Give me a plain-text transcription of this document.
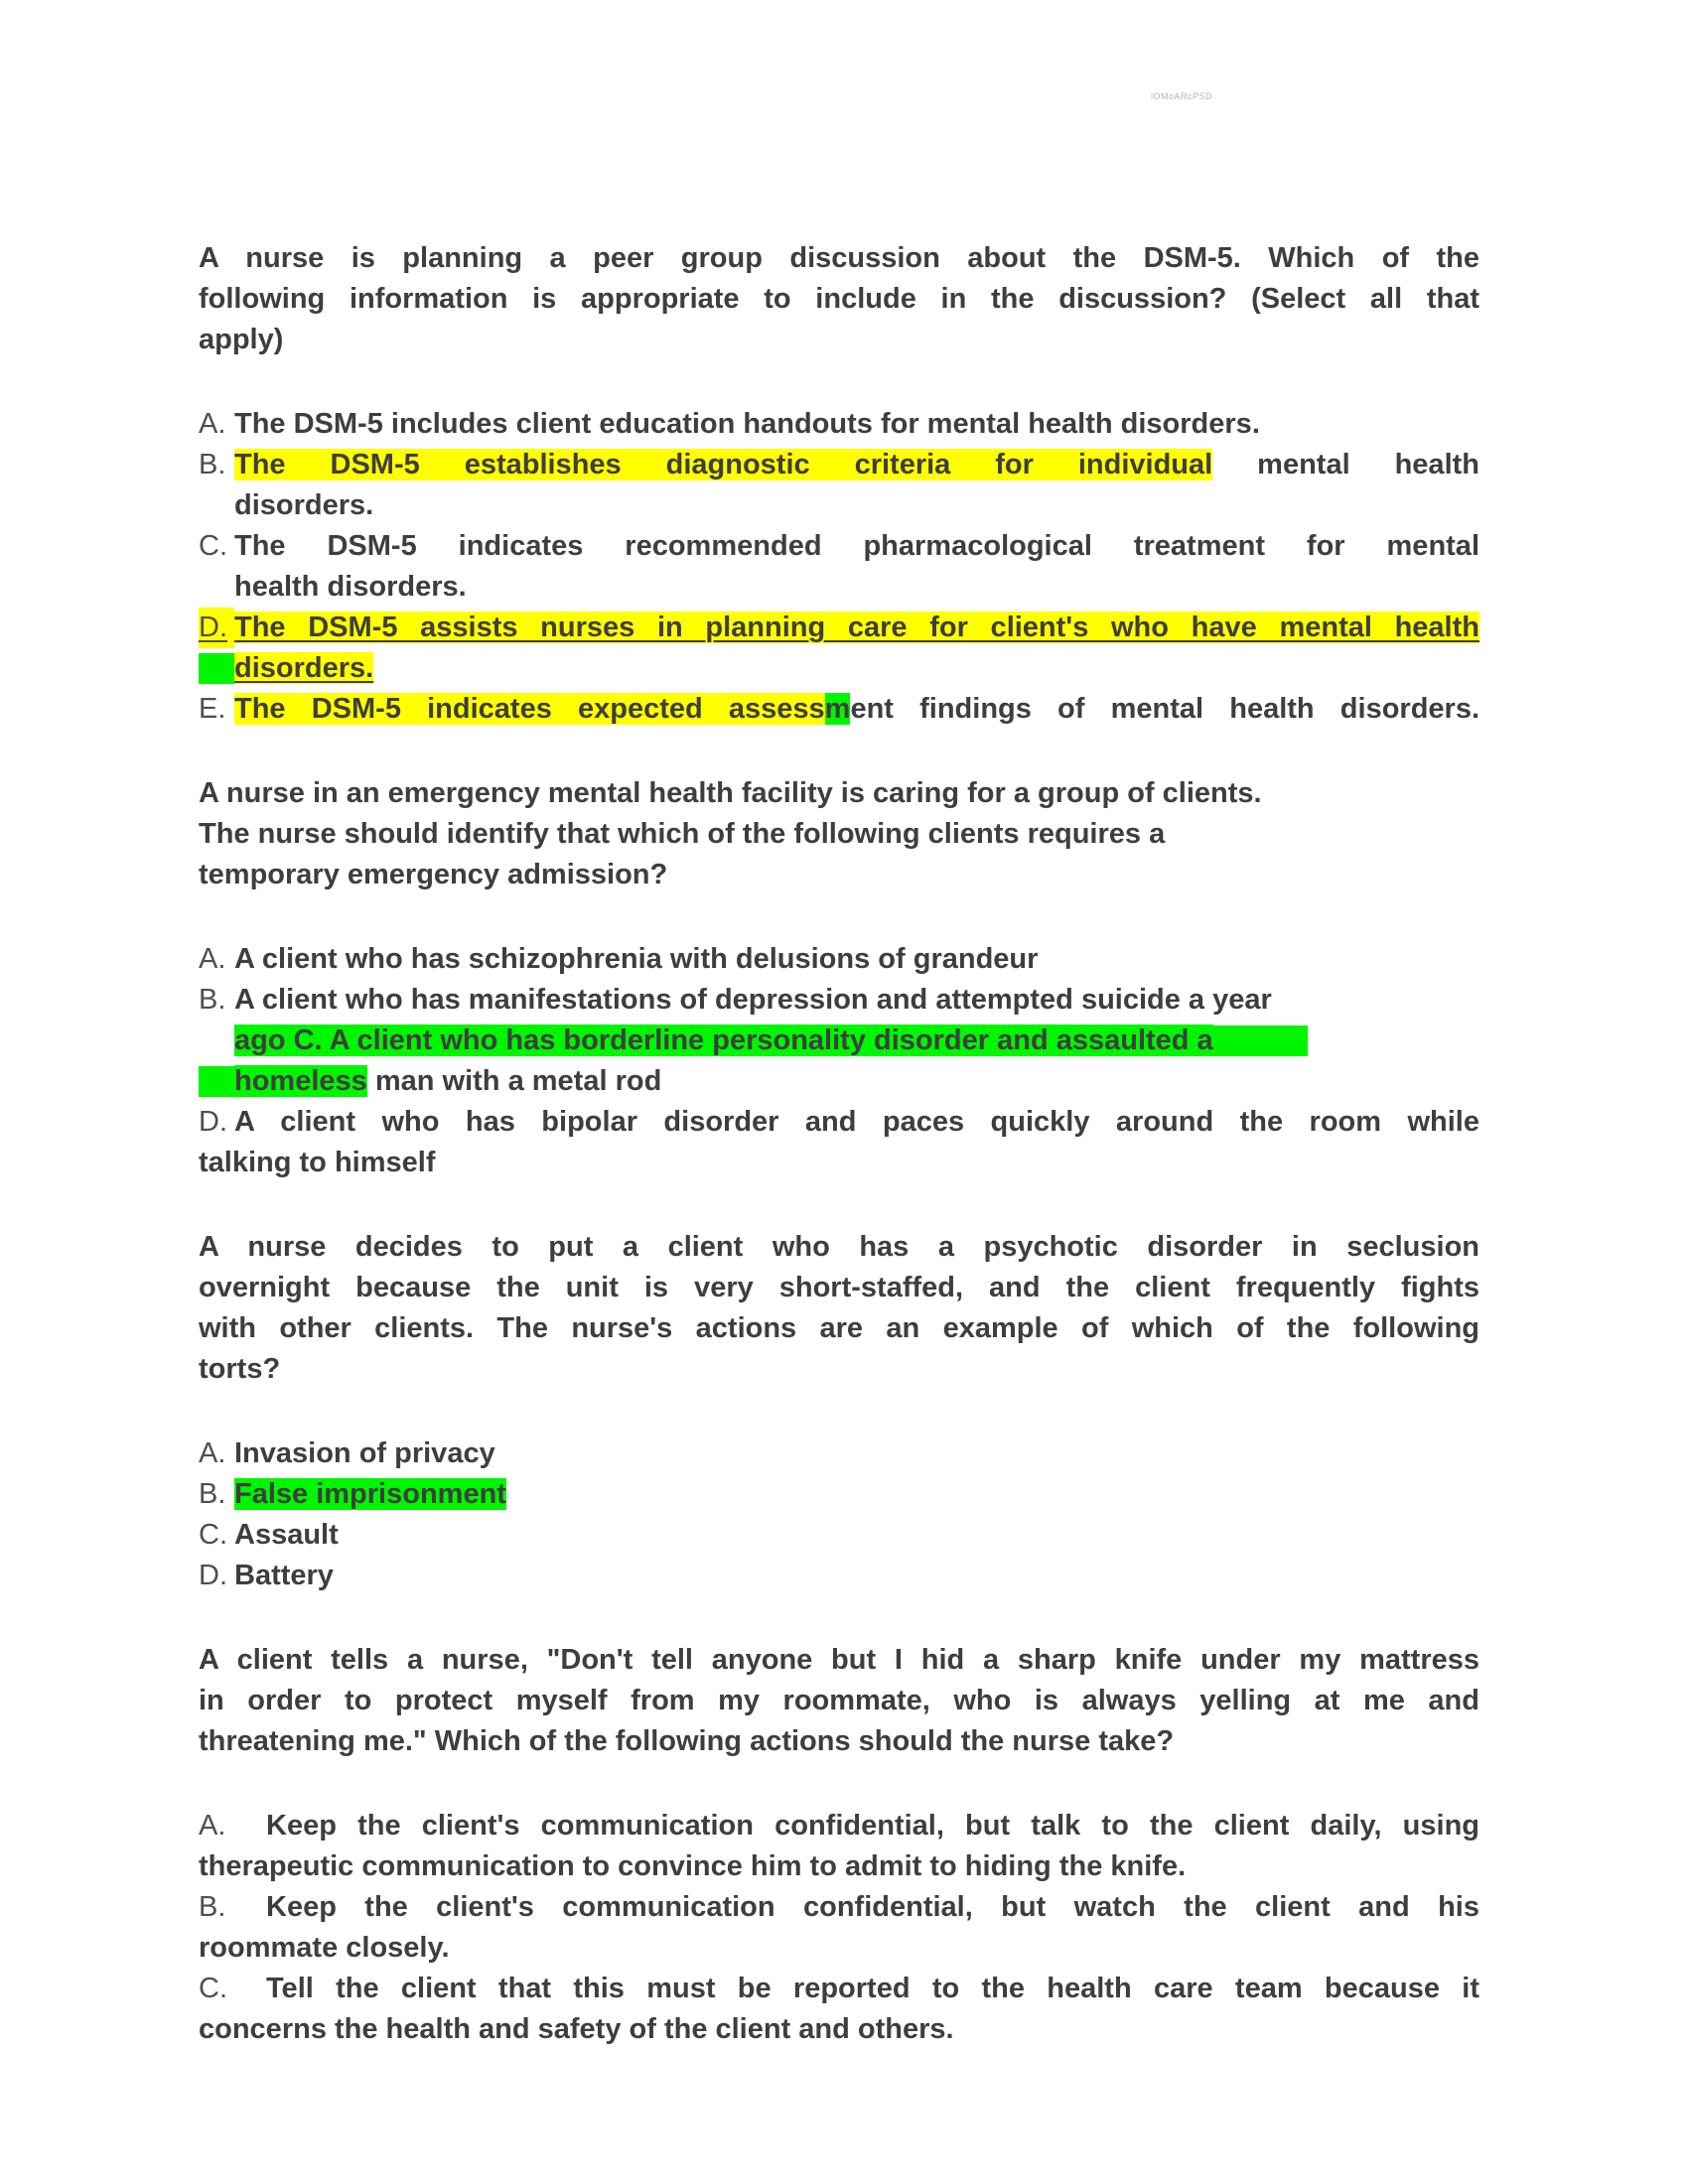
lOMoARcPSD
A nurse is planning a peer group discussion about the DSM-5. Which of the
following information is appropriate to include in the discussion? (Select all that
apply)
A. The DSM-5 includes client education handouts for mental health disorders.
B. The DSM-5 establishes diagnostic criteria for individual mental health
disorders.
C. The DSM-5 indicates recommended pharmacological treatment for mental
health disorders.
D. The DSM-5 assists nurses in planning care for client's who have mental health
disorders.
E. The DSM-5 indicates expected assessment findings of mental health disorders.
A nurse in an emergency mental health facility is caring for a group of clients.
The nurse should identify that which of the following clients requires a
temporary emergency admission?
A. A client who has schizophrenia with delusions of grandeur
B. A client who has manifestations of depression and attempted suicide a year
ago C. A client who has borderline personality disorder and assaulted a
homeless man with a metal rod
D. A client who has bipolar disorder and paces quickly around the room while
talking to himself
A nurse decides to put a client who has a psychotic disorder in seclusion
overnight because the unit is very short-staffed, and the client frequently fights
with other clients. The nurse's actions are an example of which of the following
torts?
A. Invasion of privacy
B. False imprisonment
C. Assault
D. Battery
A client tells a nurse, "Don't tell anyone but I hid a sharp knife under my mattress
in order to protect myself from my roommate, who is always yelling at me and
threatening me." Which of the following actions should the nurse take?
A. Keep the client's communication confidential, but talk to the client daily, using
therapeutic communication to convince him to admit to hiding the knife.
B. Keep the client's communication confidential, but watch the client and his
roommate closely.
C. Tell the client that this must be reported to the health care team because it
concerns the health and safety of the client and others.
